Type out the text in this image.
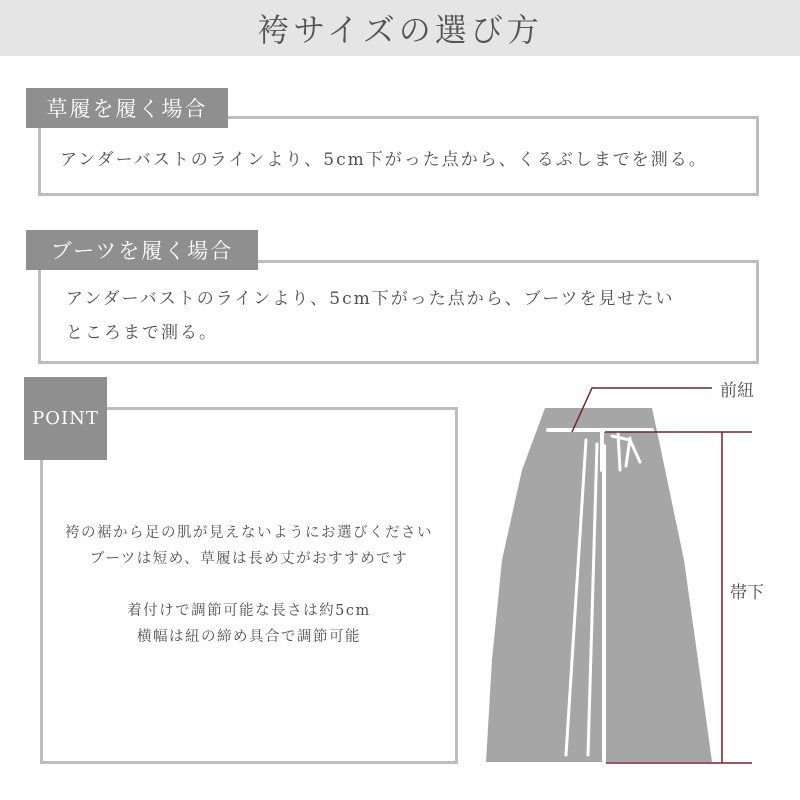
袴サイズの選び方
草履を履く場合
アンダーバストのラインより、5cm下がった点から、くるぶしまでを測る。
ブーツを履く場合
アンダーバストのラインより、5cm下がった点から、ブーツを見せたい
ところまで測る。
POINT
袴の裾から足の肌が見えないようにお選びください
ブーツは短め、草履は長め丈がおすすめです
着付けで調節可能な長さは約5cm
横幅は紐の締め具合で調節可能
前紐
帯下
